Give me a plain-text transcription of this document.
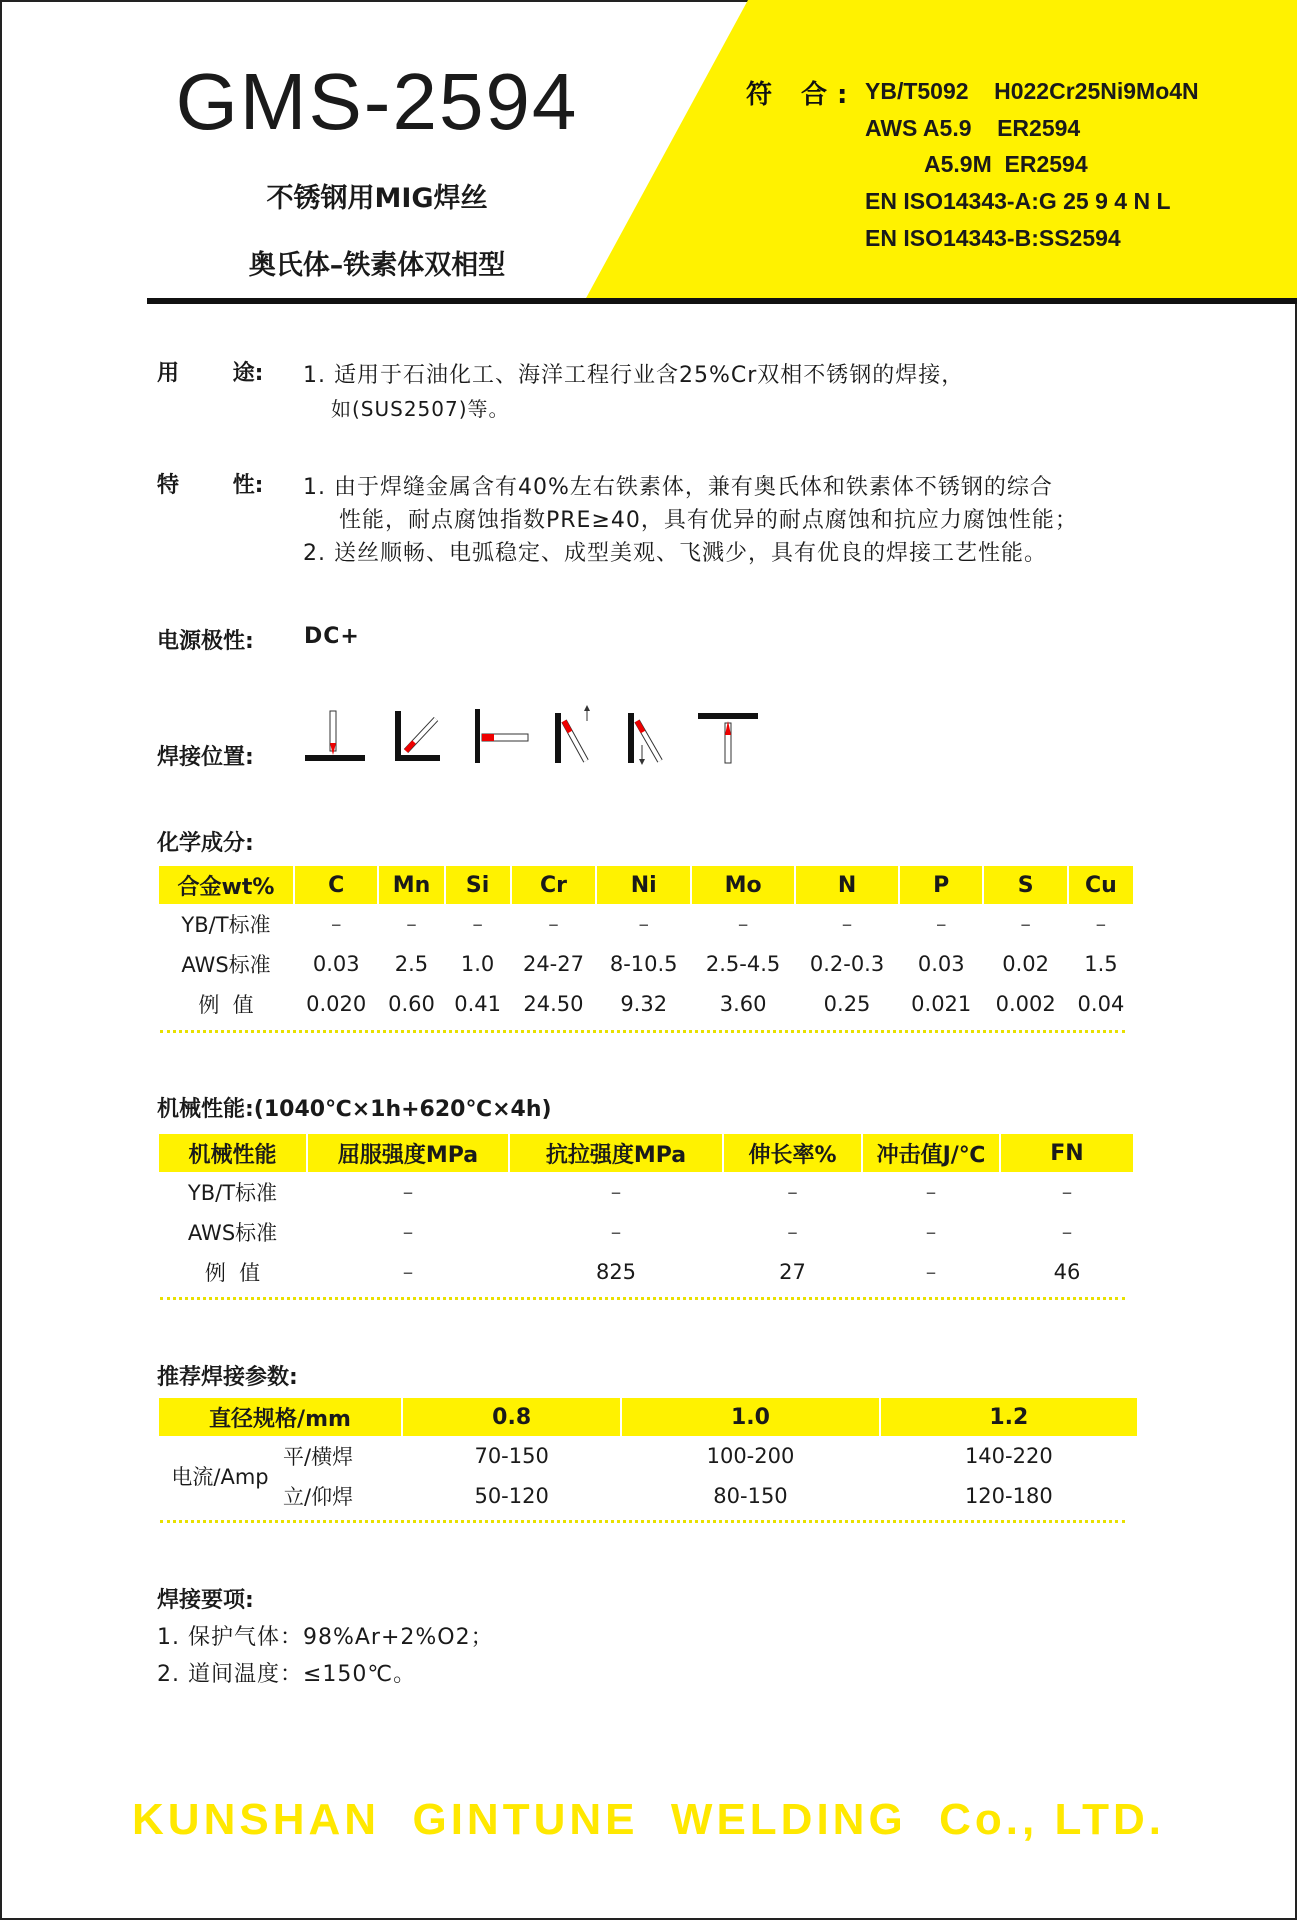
GMS-2594
不锈钢用MIG焊丝
奥氏体–铁素体双相型
符 合: YB/T5092    H022Cr25Ni9Mo4N
AWS A5.9    ER2594
A5.9M  ER2594
EN ISO14343-A:G 25 9 4 N L
EN ISO14343-B:SS2594
用       途: 1. 适用于石油化工、海洋工程行业含25%Cr双相不锈钢的焊接，
如(SUS2507)等。
特       性: 1. 由于焊缝金属含有40%左右铁素体，兼有奥氏体和铁素体不锈钢的综合
性能，耐点腐蚀指数PRE≥40，具有优异的耐点腐蚀和抗应力腐蚀性能；
2. 送丝顺畅、电弧稳定、成型美观、飞溅少，具有优良的焊接工艺性能。
电源极性: DC+
焊接位置:
化学成分:
合金wt%	C	Mn	Si	Cr	Ni	Mo	N	P	S	Cu
YB/T标准	–	–	–	–	–	–	–	–	–	–
AWS标准	0.03	2.5	1.0	24-27	8-10.5	2.5-4.5	0.2-0.3	0.03	0.02	1.5
例  值	0.020	0.60	0.41	24.50	9.32	3.60	0.25	0.021	0.002	0.04
机械性能:(1040℃×1h+620℃×4h)
机械性能	屈服强度MPa	抗拉强度MPa	伸长率%	冲击值J/℃	FN
YB/T标准	–	–	–	–	–
AWS标准	–	–	–	–	–
例  值	–	825	27	–	46
推荐焊接参数:
直径规格/mm		0.8	1.0	1.2
电流/Amp	平/横焊	70-150	100-200	140-220
	立/仰焊	50-120	80-150	120-180
焊接要项:
1. 保护气体：98%Ar+2%O2；
2. 道间温度：≤150℃。
KUNSHAN  GINTUNE  WELDING  Co., LTD.
